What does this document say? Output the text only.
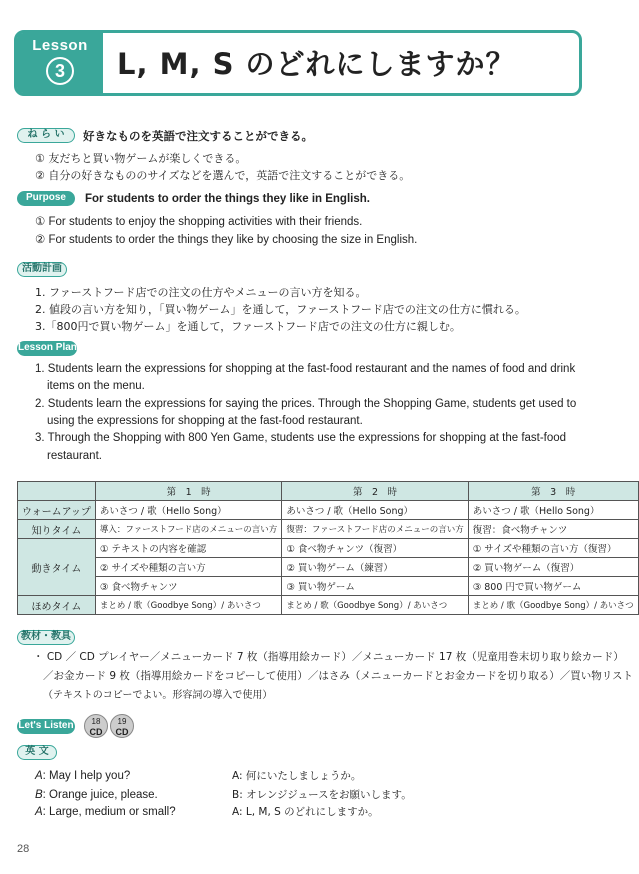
Lesson
3	L, M, S のどれにしますか？
ね ら い	好きなものを英語で注文することができる。
① 友だちと買い物ゲームが楽しくできる。
② 自分の好きなもののサイズなどを選んで，英語で注文することができる。
Purpose	For students to order the things they like in English.
① For students to enjoy the shopping activities with their friends.
② For students to order the things they like by choosing the size in English.
活動計画
1. ファーストフード店での注文の仕方やメニューの言い方を知る。
2. 値段の言い方を知り，「買い物ゲーム」を通して，ファーストフード店での注文の仕方に慣れる。
3.「800円で買い物ゲーム」を通して，ファーストフード店での注文の仕方に親しむ。
Lesson Plan
1. Students learn the expressions for shopping at the fast-food restaurant and the names of food and drink
items on the menu.
2. Students learn the expressions for saying the prices. Through the Shopping Game, students get used to
using the expressions for shopping at the fast-food restaurant.
3. Through the Shopping with 800 Yen Game, students use the expressions for shopping at the fast-food
restaurant.
	第　1　時	第　2　時	第　3　時
ウォームアップ	あいさつ / 歌（Hello Song）	あいさつ / 歌（Hello Song）	あいさつ / 歌（Hello Song）
知りタイム	導入：ファーストフード店のメニューの言い方	復習：ファーストフード店のメニューの言い方	復習：食べ物チャンツ
動きタイム	① テキストの内容を確認	① 食べ物チャンツ（復習）	① サイズや種類の言い方（復習）
	② サイズや種類の言い方	② 買い物ゲーム（練習）	② 買い物ゲーム（復習）
	③ 食べ物チャンツ	③ 買い物ゲーム	③ 800 円で買い物ゲーム
ほめタイム	まとめ / 歌（Goodbye Song）/ あいさつ	まとめ / 歌（Goodbye Song）/ あいさつ	まとめ / 歌（Goodbye Song）/ あいさつ
教材・教具
・ CD ／ CD プレイヤー／メニューカード 7 枚（指導用絵カード）／メニューカード 17 枚（児童用巻末切り取り絵カード）
／お金カード 9 枚（指導用絵カードをコピーして使用）／はさみ（メニューカードとお金カードを切り取る）／買い物リスト
（テキストのコピーでよい。形容詞の導入で使用）
Let's Listen	18
CD
19
CD
英 文
A: May I help you?
B: Orange juice, please.
A: Large, medium or small?
A: 何にいたしましょうか。
B: オレンジジュースをお願いします。
A: L, M, S のどれにしますか。
28
